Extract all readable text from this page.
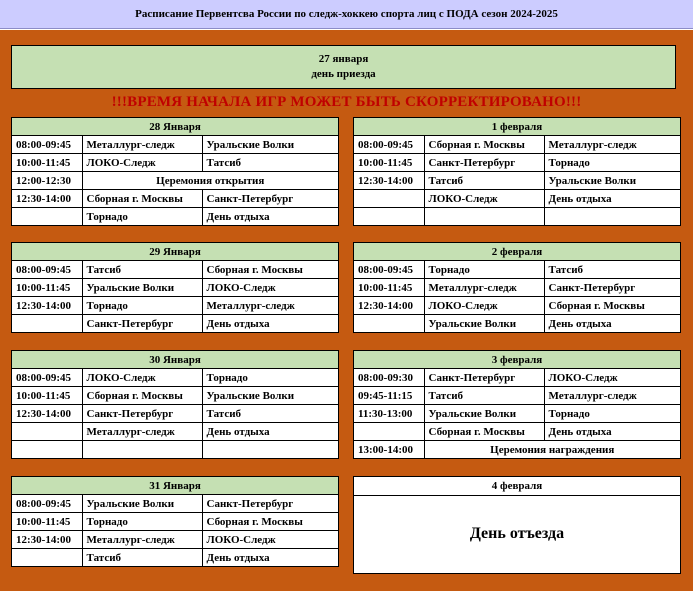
Расписание Первентсва России по следж-хоккею спорта лиц с ПОДА сезон 2024-2025
27 января
день приезда
!!!ВРЕМЯ НАЧАЛА ИГР МОЖЕТ БЫТЬ СКОРРЕКТИРОВАНО!!!
28 Января		
08:00-09:45	Металлург-следж	Уральские Волки
10:00-11:45	ЛОКО-Следж	Татсиб
12:00-12:30	Церемония открытия	
12:30-14:00	Сборная г. Москвы	Санкт-Петербург
	Торнадо	День отдыха
29 Января		
08:00-09:45	Татсиб	Сборная г. Москвы
10:00-11:45	Уральские Волки	ЛОКО-Следж
12:30-14:00	Торнадо	Металлург-следж
	Санкт-Петербург	День отдыха
30 Января		
08:00-09:45	ЛОКО-Следж	Торнадо
10:00-11:45	Сборная г. Москвы	Уральские Волки
12:30-14:00	Санкт-Петербург	Татсиб
	Металлург-следж	День отдыха

31 Января		
08:00-09:45	Уральские Волки	Санкт-Петербург
10:00-11:45	Торнадо	Сборная г. Москвы
12:30-14:00	Металлург-следж	ЛОКО-Следж
	Татсиб	День отдыха
1 февраля		
08:00-09:45	Сборная г. Москвы	Металлург-следж
10:00-11:45	Санкт-Петербург	Торнадо
12:30-14:00	Татсиб	Уральские Волки
	ЛОКО-Следж	День отдыха

2 февраля		
08:00-09:45	Торнадо	Татсиб
10:00-11:45	Металлург-следж	Санкт-Петербург
12:30-14:00	ЛОКО-Следж	Сборная г. Москвы
	Уральские Волки	День отдыха
3 февраля		
08:00-09:30	Санкт-Петербург	ЛОКО-Следж
09:45-11:15	Татсиб	Металлург-следж
11:30-13:00	Уральские Волки	Торнадо
	Сборная г. Москвы	День отдыха
13:00-14:00	Церемония награждения	
4 февраля
День отъезда
